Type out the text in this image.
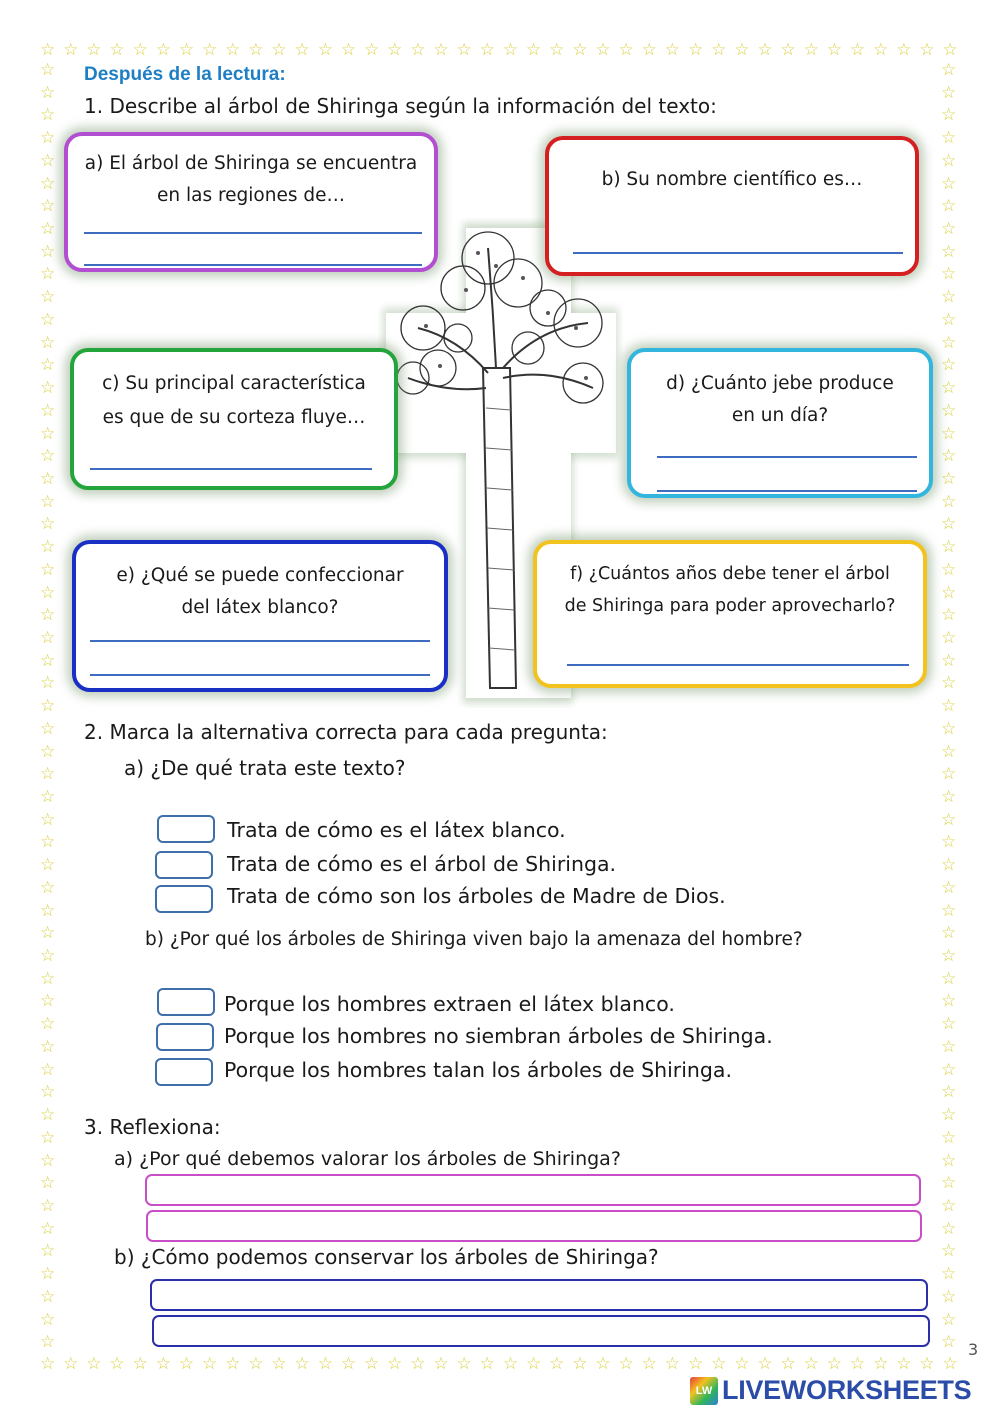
☆ ☆ ☆ ☆ ☆ ☆ ☆ ☆ ☆ ☆ ☆ ☆ ☆ ☆ ☆ ☆ ☆ ☆ ☆ ☆ ☆ ☆ ☆ ☆ ☆ ☆ ☆ ☆ ☆ ☆ ☆ ☆ ☆ ☆ ☆ ☆ ☆ ☆ ☆ ☆
☆ ☆ ☆ ☆ ☆ ☆ ☆ ☆ ☆ ☆ ☆ ☆ ☆ ☆ ☆ ☆ ☆ ☆ ☆ ☆ ☆ ☆ ☆ ☆ ☆ ☆ ☆ ☆ ☆ ☆ ☆ ☆ ☆ ☆ ☆ ☆ ☆ ☆ ☆ ☆
☆
☆
☆
☆
☆
☆
☆
☆
☆
☆
☆
☆
☆
☆
☆
☆
☆
☆
☆
☆
☆
☆
☆
☆
☆
☆
☆
☆
☆
☆
☆
☆
☆
☆
☆
☆
☆
☆
☆
☆
☆
☆
☆
☆
☆
☆
☆
☆
☆
☆
☆
☆
☆
☆
☆
☆
☆
☆
☆
☆
☆
☆
☆
☆
☆
☆
☆
☆
☆
☆
☆
☆
☆
☆
☆
☆
☆
☆
☆
☆
☆
☆
☆
☆
☆
☆
☆
☆
☆
☆
☆
☆
☆
☆
☆
☆
☆
☆
☆
☆
☆
☆
☆
☆
☆
☆
☆
☆
☆
☆
☆
☆
☆
☆
Después de la lectura:
1. Describe al árbol de Shiringa según la información del texto:
a) El árbol de Shiringa se encuentra
en las regiones de…
b) Su nombre científico es…
c) Su principal característica
es que de su corteza fluye…
d) ¿Cuánto jebe produce
en un día?
e) ¿Qué se puede confeccionar
del látex blanco?
f) ¿Cuántos años debe tener el árbol
de Shiringa para poder aprovecharlo?
2. Marca la alternativa correcta para cada pregunta:
a) ¿De qué trata este texto?
Trata de cómo es el látex blanco.
Trata de cómo es el árbol de Shiringa.
Trata de cómo son los árboles de Madre de Dios.
b) ¿Por qué los árboles de Shiringa viven bajo la amenaza del hombre?
Porque los hombres extraen el látex blanco.
Porque los hombres no siembran árboles de Shiringa.
Porque los hombres talan los árboles de Shiringa.
3. Reflexiona:
a) ¿Por qué debemos valorar los árboles de Shiringa?
b) ¿Cómo podemos conservar los árboles de Shiringa?
3
LW LIVEWORKSHEETS
